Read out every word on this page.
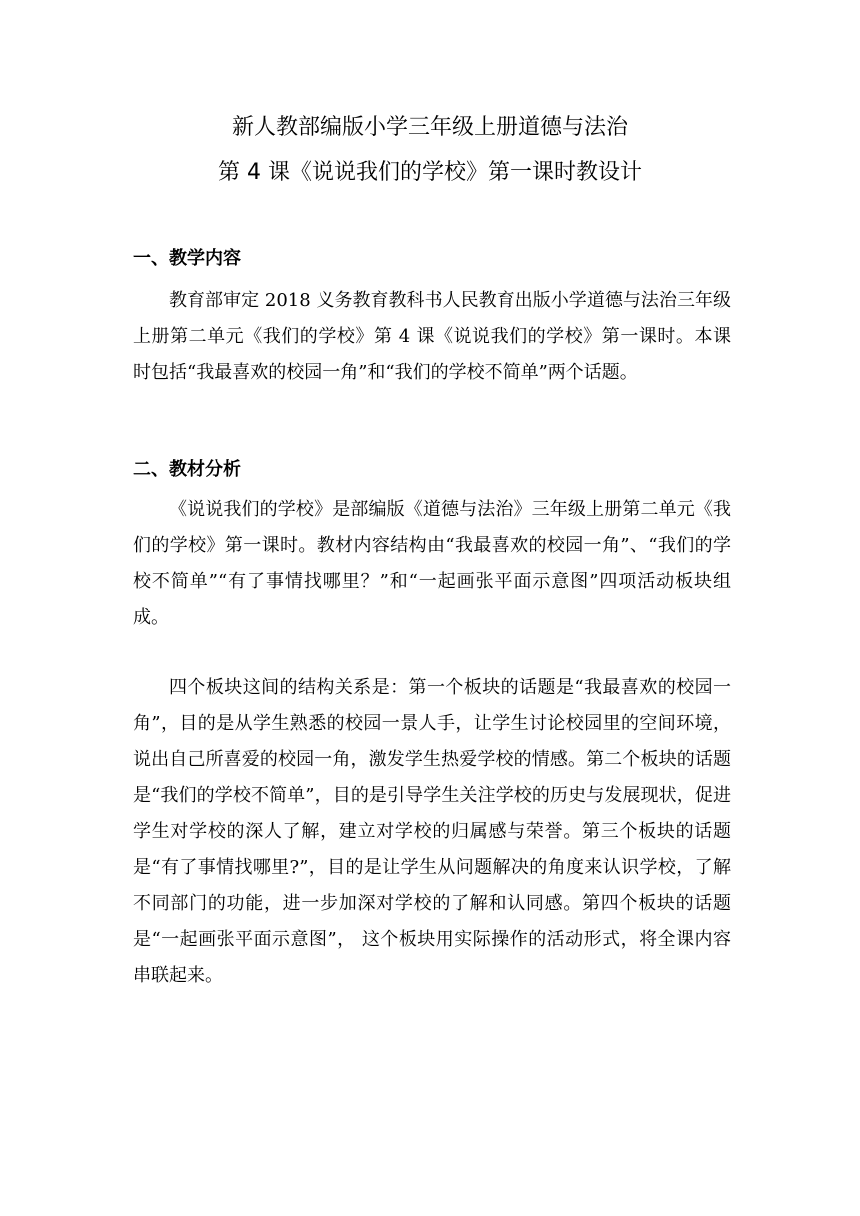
新人教部编版小学三年级上册道德与法治
第 4 课《说说我们的学校》第一课时教设计
一、教学内容

教育部审定 2018 义务教育教科书人民教育出版小学道德与法治三年级上册第二单元《我们的学校》第 4 课《说说我们的学校》第一课时。本课时包括“我最喜欢的校园一角”和“我们的学校不简单”两个话题。

二、教材分析

《说说我们的学校》是部编版《道德与法治》三年级上册第二单元《我们的学校》第一课时。教材内容结构由“我最喜欢的校园一角”、“我们的学校不简单”“有了事情找哪里？”和“一起画张平面示意图”四项活动板块组成。

四个板块这间的结构关系是：第一个板块的话题是“我最喜欢的校园一角”，目的是从学生熟悉的校园一景人手，让学生讨论校园里的空间环境，说出自己所喜爱的校园一角，激发学生热爱学校的情感。第二个板块的话题是“我们的学校不简单”，目的是引导学生关注学校的历史与发展现状，促进学生对学校的深人了解，建立对学校的归属感与荣誉。第三个板块的话题是“有了事情找哪里?”，目的是让学生从问题解决的角度来认识学校，了解不同部门的功能，进一步加深对学校的了解和认同感。第四个板块的话题是“一起画张平面示意图”， 这个板块用实际操作的活动形式，将全课内容串联起来。
